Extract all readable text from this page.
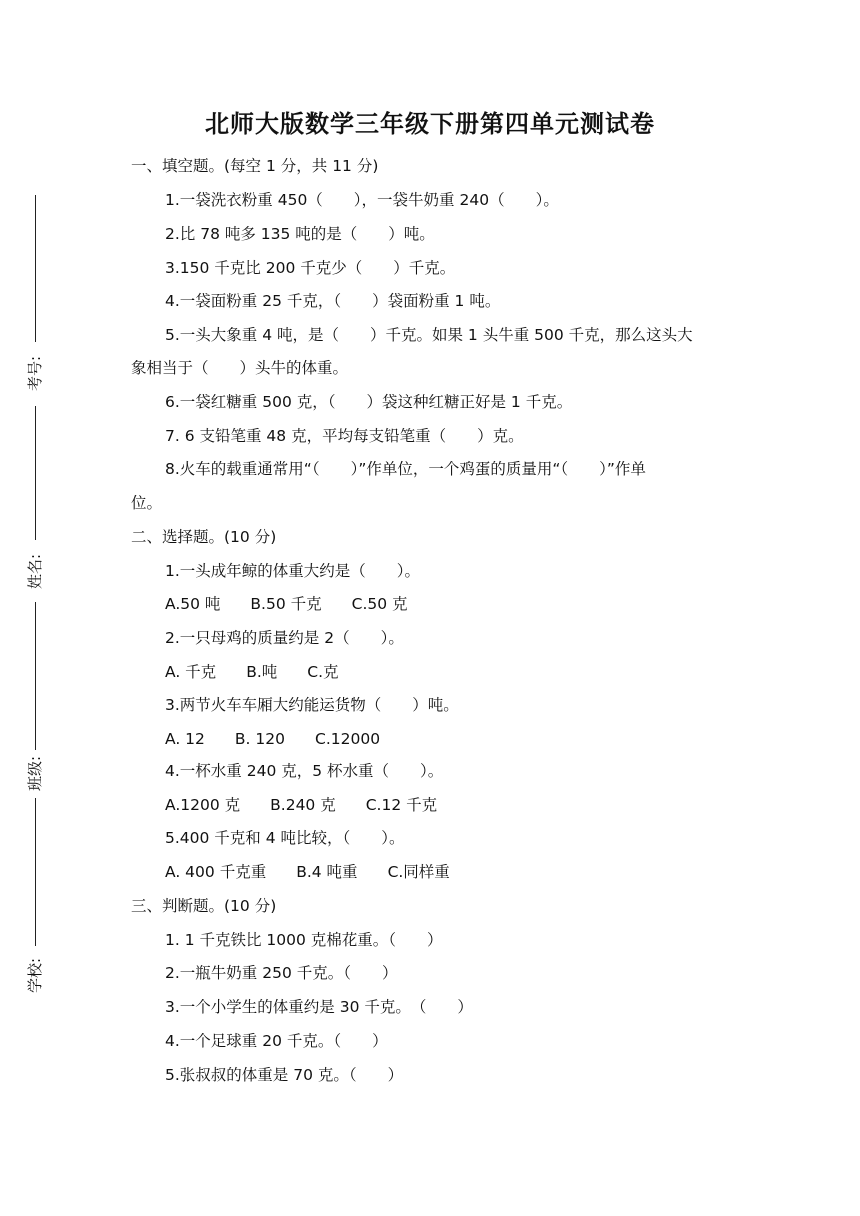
考号:
姓名:
班级:
学校:
北师大版数学三年级下册第四单元测试卷
一、填空题。(每空 1 分，共 11 分)
1.一袋洗衣粉重 450（　　），一袋牛奶重 240（　　）。
2.比 78 吨多 135 吨的是（　　）吨。
3.150 千克比 200 千克少（　　）千克。
4.一袋面粉重 25 千克，（　　）袋面粉重 1 吨。
5.一头大象重 4 吨，是（　　）千克。如果 1 头牛重 500 千克，那么这头大
象相当于（　　）头牛的体重。
6.一袋红糖重 500 克，（　　）袋这种红糖正好是 1 千克。
7. 6 支铅笔重 48 克，平均每支铅笔重（　　）克。
8.火车的载重通常用“（　　）”作单位，一个鸡蛋的质量用“（　　）”作单
位。
二、选择题。(10 分)
1.一头成年鲸的体重大约是（　　）。
A.50 吨 B.50 千克 C.50 克
2.一只母鸡的质量约是 2（　　）。
A. 千克 B.吨 C.克
3.两节火车车厢大约能运货物（　　）吨。
A. 12 B. 120 C.12000
4.一杯水重 240 克，5 杯水重（　　）。
A.1200 克 B.240 克 C.12 千克
5.400 千克和 4 吨比较，（　　）。
A. 400 千克重 B.4 吨重 C.同样重
三、判断题。(10 分)
1. 1 千克铁比 1000 克棉花重。（　　）
2.一瓶牛奶重 250 千克。（　　）
3.一个小学生的体重约是 30 千克。　（　　）
4.一个足球重 20 千克。（　　）
5.张叔叔的体重是 70 克。（　　）
